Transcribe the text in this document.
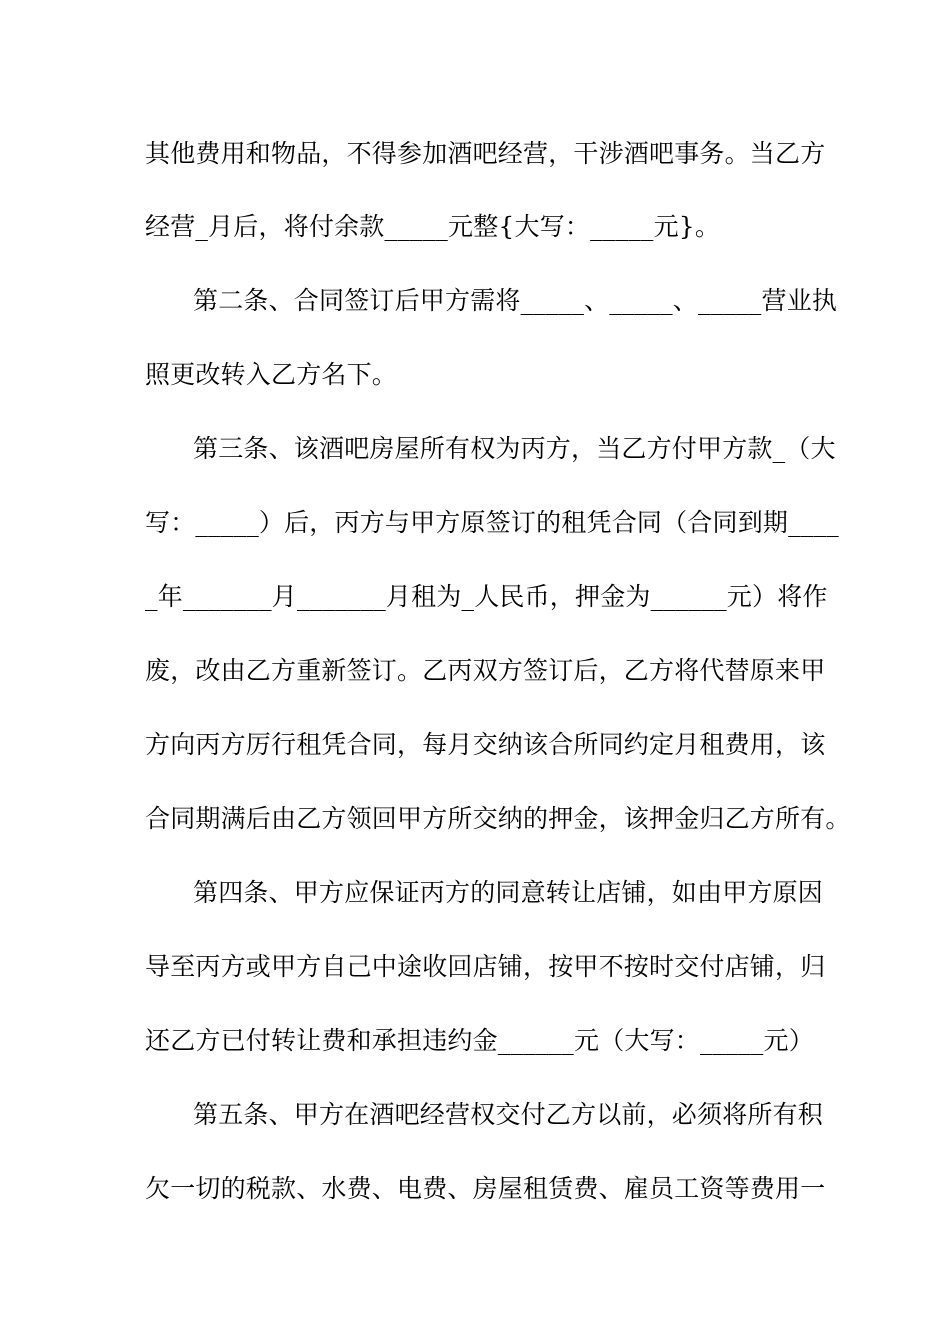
其他费用和物品，不得参加酒吧经营，干涉酒吧事务。当乙方
经营_月后，将付余款_____元整{大写：_____元}。
第二条、合同签订后甲方需将_____、_____、_____营业执
照更改转入乙方名下。
第三条、该酒吧房屋所有权为丙方，当乙方付甲方款_（大
写：_____）后，丙方与甲方原签订的租凭合同（合同到期____
_年_______月_______月租为_人民币，押金为______元）将作
废，改由乙方重新签订。乙丙双方签订后，乙方将代替原来甲
方向丙方厉行租凭合同，每月交纳该合所同约定月租费用，该
合同期满后由乙方领回甲方所交纳的押金，该押金归乙方所有。
第四条、甲方应保证丙方的同意转让店铺，如由甲方原因
导至丙方或甲方自己中途收回店铺，按甲不按时交付店铺，归
还乙方已付转让费和承担违约金______元（大写：_____元）
第五条、甲方在酒吧经营权交付乙方以前，必须将所有积
欠一切的税款、水费、电费、房屋租赁费、雇员工资等费用一
